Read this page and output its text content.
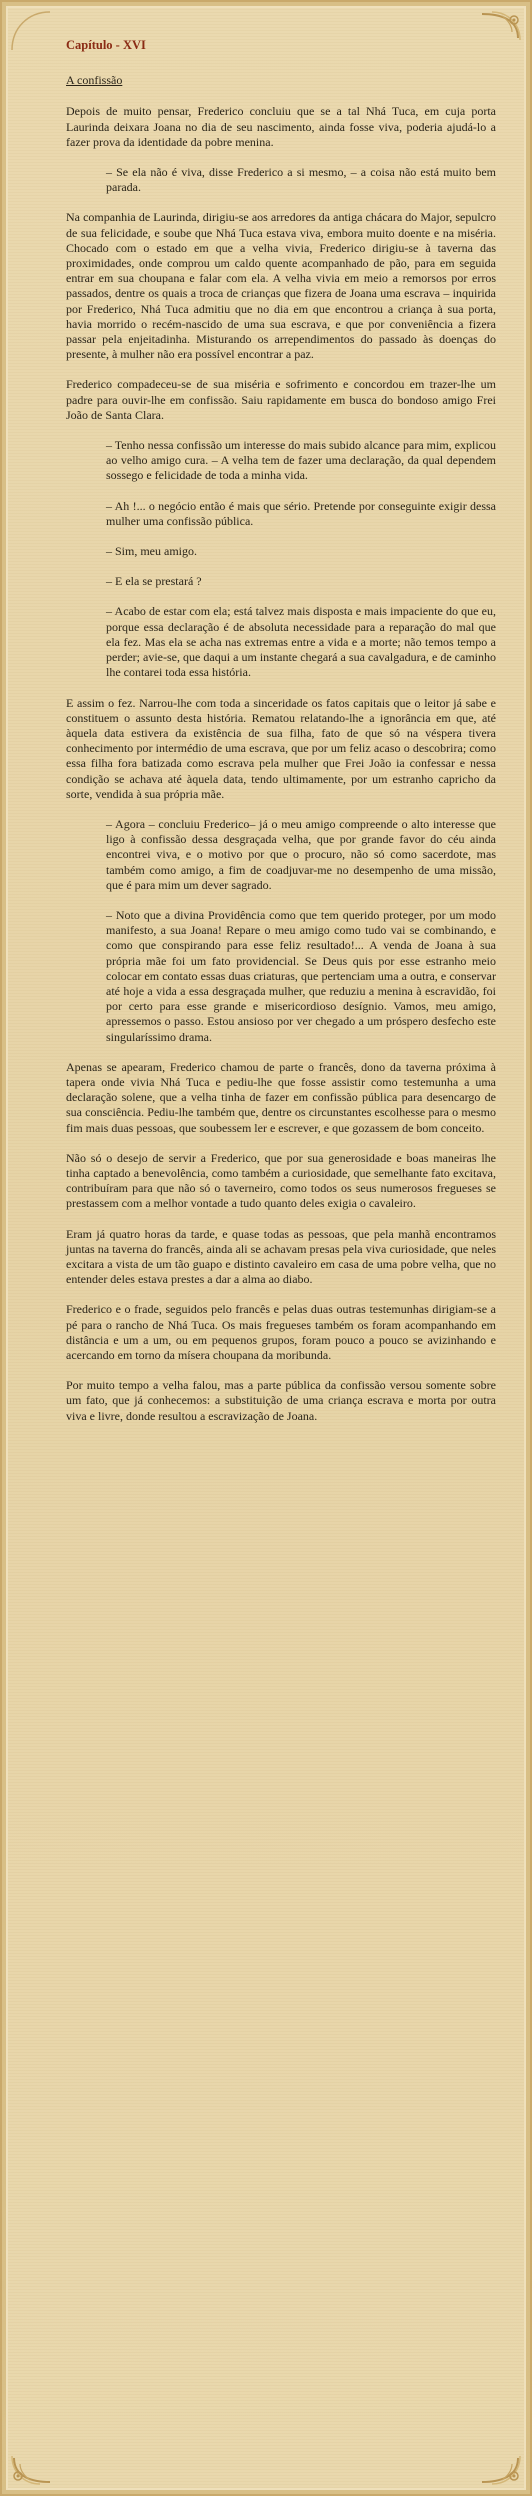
Capítulo - XVI
A confissão

Depois de muito pensar, Frederico concluiu que se a tal Nhá Tuca, em cuja porta Laurinda deixara Joana no dia de seu nascimento, ainda fosse viva, poderia ajudá-lo a fazer prova da identidade da pobre menina.

– Se ela não é viva, disse Frederico a si mesmo, – a coisa não está muito bem parada.

Na companhia de Laurinda, dirigiu-se aos arredores da antiga chácara do Major, sepulcro de sua felicidade, e soube que Nhá Tuca estava viva, embora muito doente e na miséria. Chocado com o estado em que a velha vivia, Frederico dirigiu-se à taverna das proximidades, onde comprou um caldo quente acompanhado de pão, para em seguida entrar em sua choupana e falar com ela. A velha vivia em meio a remorsos por erros passados, dentre os quais a troca de crianças que fizera de Joana uma escrava – inquirida por Frederico, Nhá Tuca admitiu que no dia em que encontrou a criança à sua porta, havia morrido o recém-nascido de uma sua escrava, e que por conveniência a fizera passar pela enjeitadinha. Misturando os arrependimentos do passado às doenças do presente, à mulher não era possível encontrar a paz.

Frederico compadeceu-se de sua miséria e sofrimento e concordou em trazer-lhe um padre para ouvir-lhe em confissão. Saiu rapidamente em busca do bondoso amigo Frei João de Santa Clara.

– Tenho nessa confissão um interesse do mais subido alcance para mim, explicou ao velho amigo cura. – A velha tem de fazer uma declaração, da qual dependem sossego e felicidade de toda a minha vida.

– Ah !... o negócio então é mais que sério. Pretende por conseguinte exigir dessa mulher uma confissão pública.

– Sim, meu amigo.

– E ela se prestará ?

– Acabo de estar com ela; está talvez mais disposta e mais impaciente do que eu, porque essa declaração é de absoluta necessidade para a reparação do mal que ela fez. Mas ela se acha nas extremas entre a vida e a morte; não temos tempo a perder; avie-se, que daqui a um instante chegará a sua cavalgadura, e de caminho lhe contarei toda essa história.

E assim o fez. Narrou-lhe com toda a sinceridade os fatos capitais que o leitor já sabe e constituem o assunto desta história. Rematou relatando-lhe a ignorância em que, até àquela data estivera da existência de sua filha, fato de que só na véspera tivera conhecimento por intermédio de uma escrava, que por um feliz acaso o descobrira; como essa filha fora batizada como escrava pela mulher que Frei João ia confessar e nessa condição se achava até àquela data, tendo ultimamente, por um estranho capricho da sorte, vendida à sua própria mãe.

– Agora – concluiu Frederico– já o meu amigo compreende o alto interesse que ligo à confissão dessa desgraçada velha, que por grande favor do céu ainda encontrei viva, e o motivo por que o procuro, não só como sacerdote, mas também como amigo, a fim de coadjuvar-me no desempenho de uma missão, que é para mim um dever sagrado.

– Noto que a divina Providência como que tem querido proteger, por um modo manifesto, a sua Joana! Repare o meu amigo como tudo vai se combinando, e como que conspirando para esse feliz resultado!... A venda de Joana à sua própria mãe foi um fato providencial. Se Deus quis por esse estranho meio colocar em contato essas duas criaturas, que pertenciam uma a outra, e conservar até hoje a vida a essa desgraçada mulher, que reduziu a menina à escravidão, foi por certo para esse grande e misericordioso desígnio. Vamos, meu amigo, apressemos o passo. Estou ansioso por ver chegado a um próspero desfecho este singularíssimo drama.

Apenas se apearam, Frederico chamou de parte o francês, dono da taverna próxima à tapera onde vivia Nhá Tuca e pediu-lhe que fosse assistir como testemunha a uma declaração solene, que a velha tinha de fazer em confissão pública para desencargo de sua consciência. Pediu-lhe também que, dentre os circunstantes escolhesse para o mesmo fim mais duas pessoas, que soubessem ler e escrever, e que gozassem de bom conceito.

Não só o desejo de servir a Frederico, que por sua generosidade e boas maneiras lhe tinha captado a benevolência, como também a curiosidade, que semelhante fato excitava, contribuíram para que não só o taverneiro, como todos os seus numerosos fregueses se prestassem com a melhor vontade a tudo quanto deles exigia o cavaleiro.

Eram já quatro horas da tarde, e quase todas as pessoas, que pela manhã encontramos juntas na taverna do francês, ainda ali se achavam presas pela viva curiosidade, que neles excitara a vista de um tão guapo e distinto cavaleiro em casa de uma pobre velha, que no entender deles estava prestes a dar a alma ao diabo.

Frederico e o frade, seguidos pelo francês e pelas duas outras testemunhas dirigiam-se a pé para o rancho de Nhá Tuca. Os mais fregueses também os foram acompanhando em distância e um a um, ou em pequenos grupos, foram pouco a pouco se avizinhando e acercando em torno da mísera choupana da moribunda.

Por muito tempo a velha falou, mas a parte pública da confissão versou somente sobre um fato, que já conhecemos: a substituição de uma criança escrava e morta por outra viva e livre, donde resultou a escravização de Joana.
